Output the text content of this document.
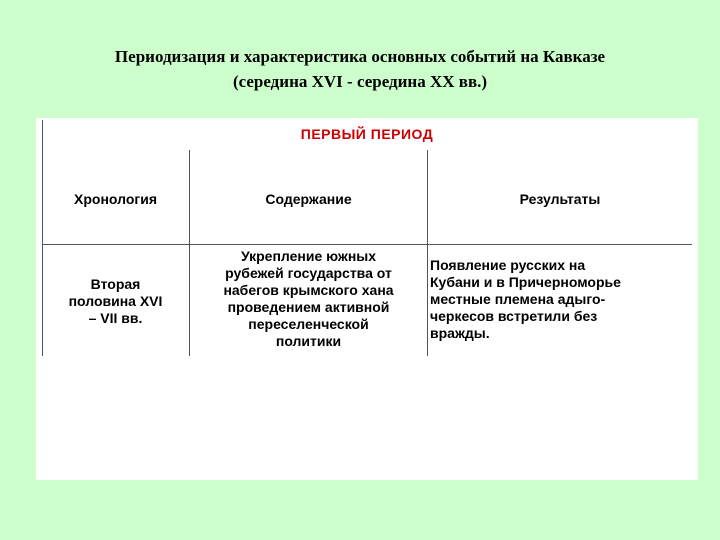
Периодизация и характеристика основных событий на Кавказе
(середина XVI - середина XX вв.)
ПЕРВЫЙ ПЕРИОД
Хронология	Содержание	Результаты
Вторая
половина XVI
– VII вв.
Укрепление южных
рубежей государства от
набегов крымского хана
проведением активной
переселенческой
политики
Появление русских на
Кубани и в Причерноморье
местные племена адыго-
черкесов встретили без
вражды.
